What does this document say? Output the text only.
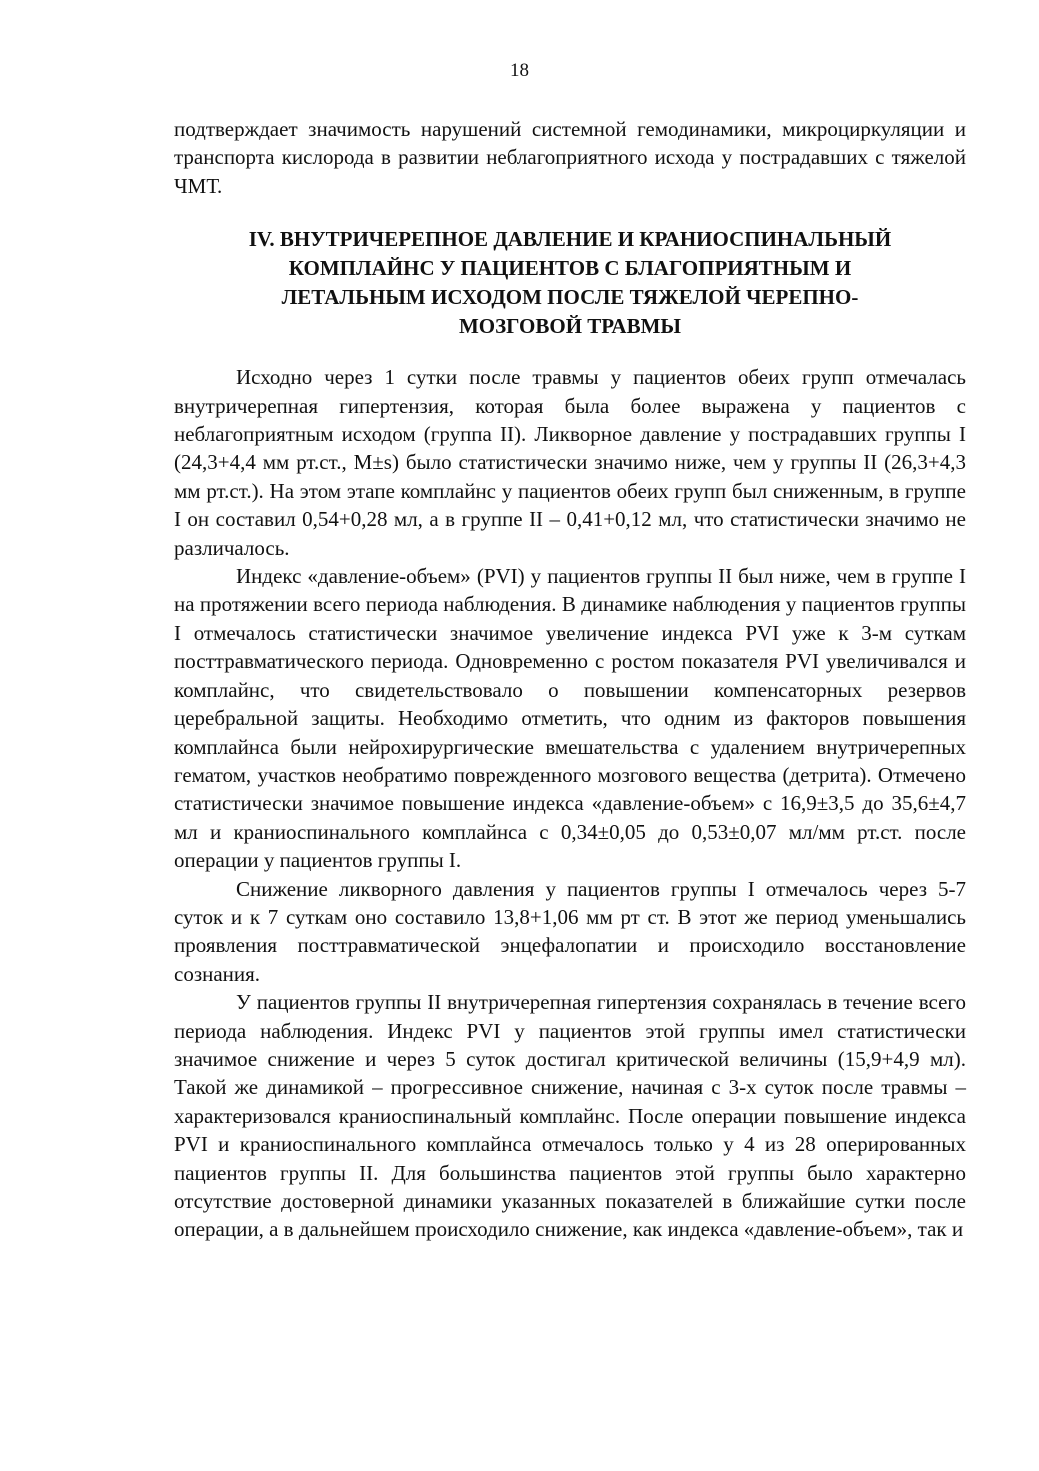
18

подтверждает значимость нарушений системной гемодинамики, микроциркуляции и транспорта кислорода в развитии неблагоприятного исхода у пострадавших с тяжелой ЧМТ.

IV. ВНУТРИЧЕРЕПНОЕ ДАВЛЕНИЕ И КРАНИОСПИНАЛЬНЫЙ
КОМПЛАЙНС У ПАЦИЕНТОВ С БЛАГОПРИЯТНЫМ И
ЛЕТАЛЬНЫМ ИСХОДОМ ПОСЛЕ ТЯЖЕЛОЙ ЧЕРЕПНО-
МОЗГОВОЙ ТРАВМЫ

Исходно через 1 сутки после травмы у пациентов обеих групп отмечалась внутричерепная гипертензия, которая была более выражена у пациентов с неблагоприятным исходом (группа II). Ликворное давление у пострадавших группы I (24,3+4,4 мм рт.ст., M±s) было статистически значимо ниже, чем у группы II (26,3+4,3 мм рт.ст.). На этом этапе комплайнс у пациентов обеих групп был сниженным, в группе I он составил 0,54+0,28 мл, а в группе II – 0,41+0,12 мл, что статистически значимо не различалось.

Индекс «давление-объем» (PVI) у пациентов группы II был ниже, чем в группе I на протяжении всего периода наблюдения. В динамике наблюдения у пациентов группы I отмечалось статистически значимое увеличение индекса PVI уже к 3-м суткам посттравматического периода. Одновременно с ростом показателя PVI увеличивался и комплайнс, что свидетельствовало о повышении компенсаторных резервов церебральной защиты. Необходимо отметить, что одним из факторов повышения комплайнса были нейрохирургические вмешательства с удалением внутричерепных гематом, участков необратимо поврежденного мозгового вещества (детрита). Отмечено статистически значимое повышение индекса «давление-объем» с 16,9±3,5 до 35,6±4,7 мл и краниоспинального комплайнса с 0,34±0,05 до 0,53±0,07 мл/мм рт.ст. после операции у пациентов группы I.

Снижение ликворного давления у пациентов группы I отмечалось через 5-7 суток и к 7 суткам оно составило 13,8+1,06 мм рт ст. В этот же период уменьшались проявления посттравматической энцефалопатии и происходило восстановление сознания.

У пациентов группы II внутричерепная гипертензия сохранялась в течение всего периода наблюдения. Индекс PVI у пациентов этой группы имел статистически значимое снижение и через 5 суток достигал критической величины (15,9+4,9 мл). Такой же динамикой – прогрессивное снижение, начиная с 3-х суток после травмы – характеризовался краниоспинальный комплайнс. После операции повышение индекса PVI и краниоспинального комплайнса отмечалось только у 4 из 28 оперированных пациентов группы II. Для большинства пациентов этой группы было характерно отсутствие достоверной динамики указанных показателей в ближайшие сутки после операции, а в дальнейшем происходило снижение, как индекса «давление-объем», так и
